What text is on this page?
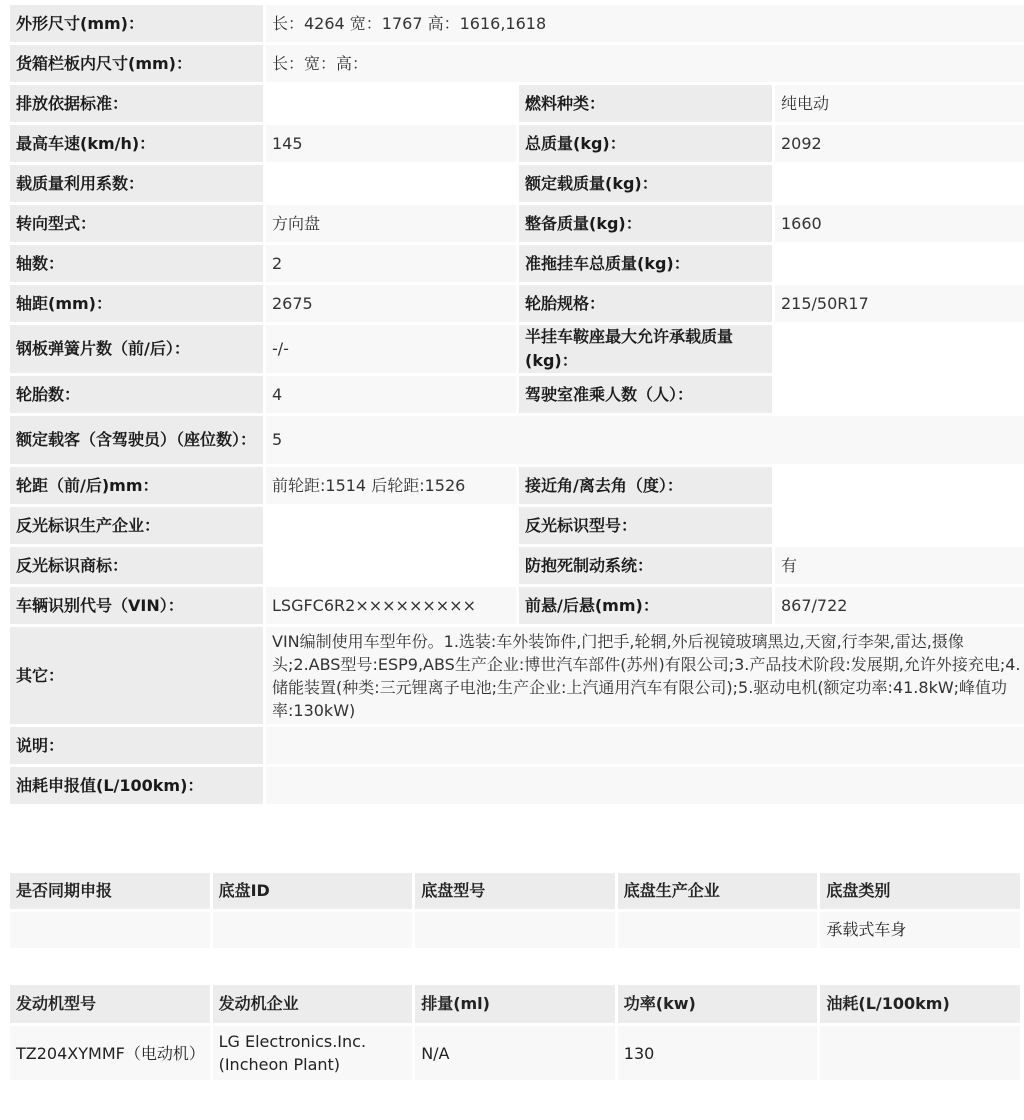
外形尺寸(mm)：	长：4264 宽：1767 高：1616,1618		
货箱栏板内尺寸(mm)：	长：宽：高：		
排放依据标准：		燃料种类：	纯电动
最高车速(km/h)：	145	总质量(kg)：	2092
载质量利用系数：		额定载质量(kg)：	
转向型式：	方向盘	整备质量(kg)：	1660
轴数：	2	准拖挂车总质量(kg)：	
轴距(mm)：	2675	轮胎规格：	215/50R17
钢板弹簧片数（前/后）：	-/-	半挂车鞍座最大允许承载质量(kg)：	
轮胎数：	4	驾驶室准乘人数（人）：	
额定载客（含驾驶员）（座位数）：	5		
轮距（前/后)mm：	前轮距:1514 后轮距:1526	接近角/离去角（度）：	
反光标识生产企业：		反光标识型号：	
反光标识商标：		防抱死制动系统：	有
车辆识别代号（VIN）：	LSGFC6R2×××××××××	前悬/后悬(mm)：	867/722
其它：	VIN编制使用车型年份。1.选装:车外装饰件,门把手,轮辋,外后视镜玻璃黑边,天窗,行李架,雷达,摄像头;2.ABS型号:ESP9,ABS生产企业:博世汽车部件(苏州)有限公司;3.产品技术阶段:发展期,允许外接充电;4.储能装置(种类:三元锂离子电池;生产企业:上汽通用汽车有限公司);5.驱动电机(额定功率:41.8kW;峰值功率:130kW)		
说明：			
油耗申报值(L/100km)：			
是否同期申报	底盘ID	底盘型号	底盘生产企业	底盘类别
				承载式车身
发动机型号	发动机企业	排量(ml)	功率(kw)	油耗(L/100km)
TZ204XYMMF（电动机）	LG Electronics.Inc.(Incheon Plant)	N/A	130	
